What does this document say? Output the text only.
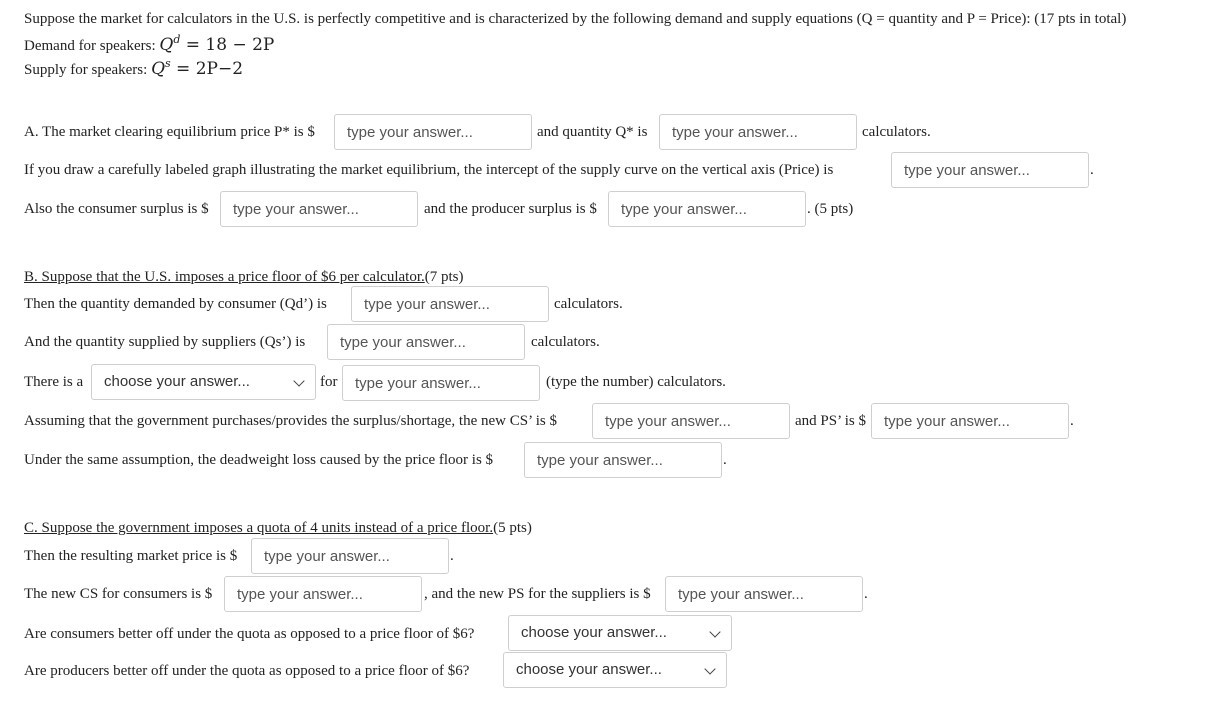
Suppose the market for calculators in the U.S. is perfectly competitive and is characterized by the following demand and supply equations (Q = quantity and P = Price): (17 pts in total)
Demand for speakers: $Q^d = 18 - 2P$
Supply for speakers: $Q^s = 2P-2$
A. The market clearing equilibrium price P* is $
type your answer...	and quantity Q* is
type your answer...	calculators.
If you draw a carefully labeled graph illustrating the market equilibrium, the intercept of the supply curve on the vertical axis (Price) is
type your answer...	.
Also the consumer surplus is $
type your answer...	and the producer surplus is $
type your answer...	. (5 pts)
B. Suppose that the U.S. imposes a price floor of $6 per calculator.(7 pts)
Then the quantity demanded by consumer (Qd’) is
type your answer...	calculators.
And the quantity supplied by suppliers (Qs’) is
type your answer...	calculators.
There is a	choose your answer...	for
type your answer...	(type the number) calculators.
Assuming that the government purchases/provides the surplus/shortage, the new CS’ is $
type your answer...	and PS’ is $
type your answer...	.
Under the same assumption, the deadweight loss caused by the price floor is $
type your answer...	.
C. Suppose the government imposes a quota of 4 units instead of a price floor.(5 pts)
Then the resulting market price is $
type your answer...	.
The new CS for consumers is $
type your answer...	, and the new PS for the suppliers is $
type your answer...	.
Are consumers better off under the quota as opposed to a price floor of $6?	choose your answer...
Are producers better off under the quota as opposed to a price floor of $6?	choose your answer...
